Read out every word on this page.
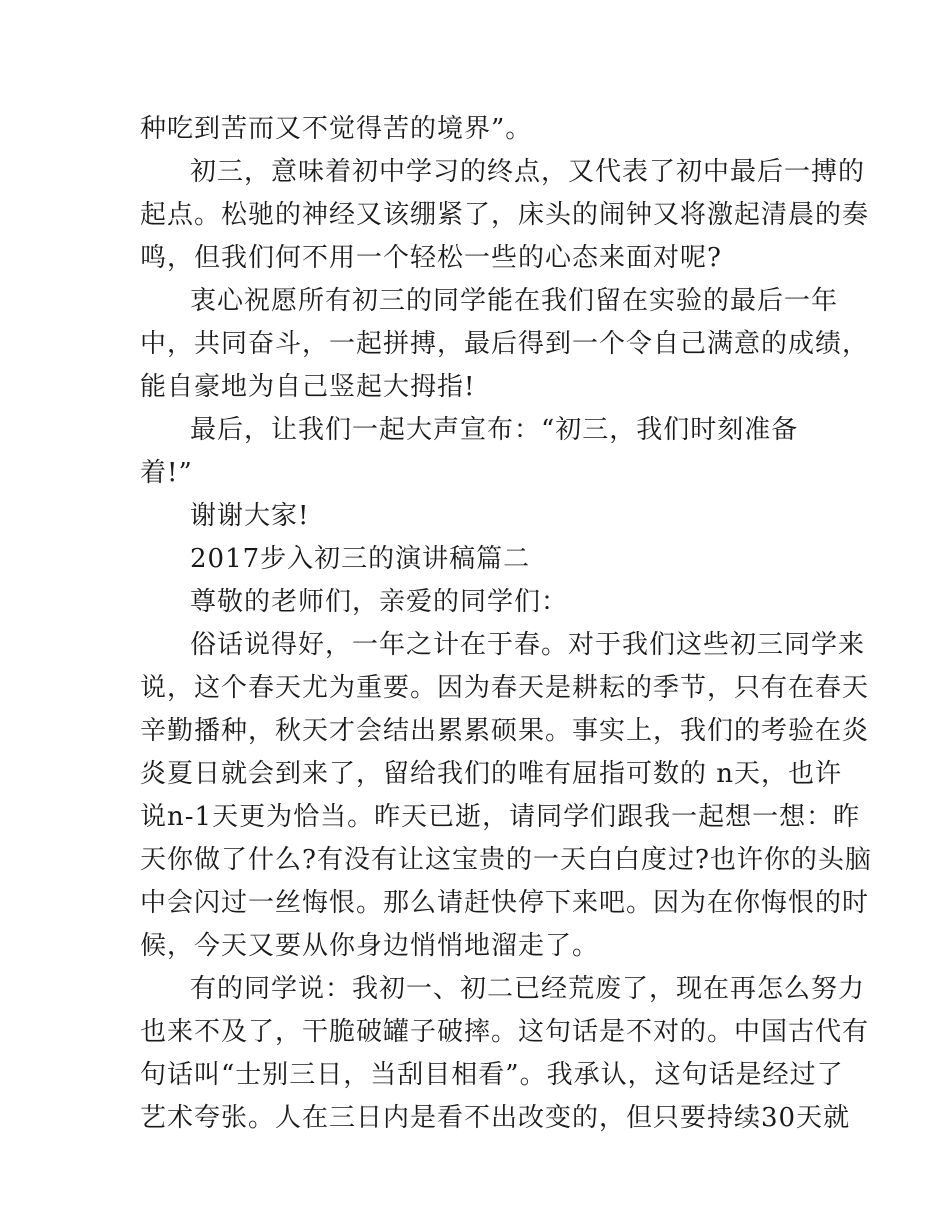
种吃到苦而又不觉得苦的境界”。
初三，意味着初中学习的终点，又代表了初中最后一搏的
起点。松驰的神经又该绷紧了，床头的闹钟又将激起清晨的奏
鸣，但我们何不用一个轻松一些的心态来面对呢?
衷心祝愿所有初三的同学能在我们留在实验的最后一年
中，共同奋斗，一起拼搏，最后得到一个令自己满意的成绩，
能自豪地为自己竖起大拇指!
最后，让我们一起大声宣布：“初三，我们时刻准备
着!”
谢谢大家!
2017步入初三的演讲稿篇二
尊敬的老师们，亲爱的同学们：
俗话说得好，一年之计在于春。对于我们这些初三同学来
说，这个春天尤为重要。因为春天是耕耘的季节，只有在春天
辛勤播种，秋天才会结出累累硕果。事实上，我们的考验在炎
炎夏日就会到来了，留给我们的唯有屈指可数的 n天，也许
说n-1天更为恰当。昨天已逝，请同学们跟我一起想一想：昨
天你做了什么?有没有让这宝贵的一天白白度过?也许你的头脑
中会闪过一丝悔恨。那么请赶快停下来吧。因为在你悔恨的时
候，今天又要从你身边悄悄地溜走了。
有的同学说：我初一、初二已经荒废了，现在再怎么努力
也来不及了，干脆破罐子破摔。这句话是不对的。中国古代有
句话叫“士别三日，当刮目相看”。我承认，这句话是经过了
艺术夸张。人在三日内是看不出改变的，但只要持续30天就
